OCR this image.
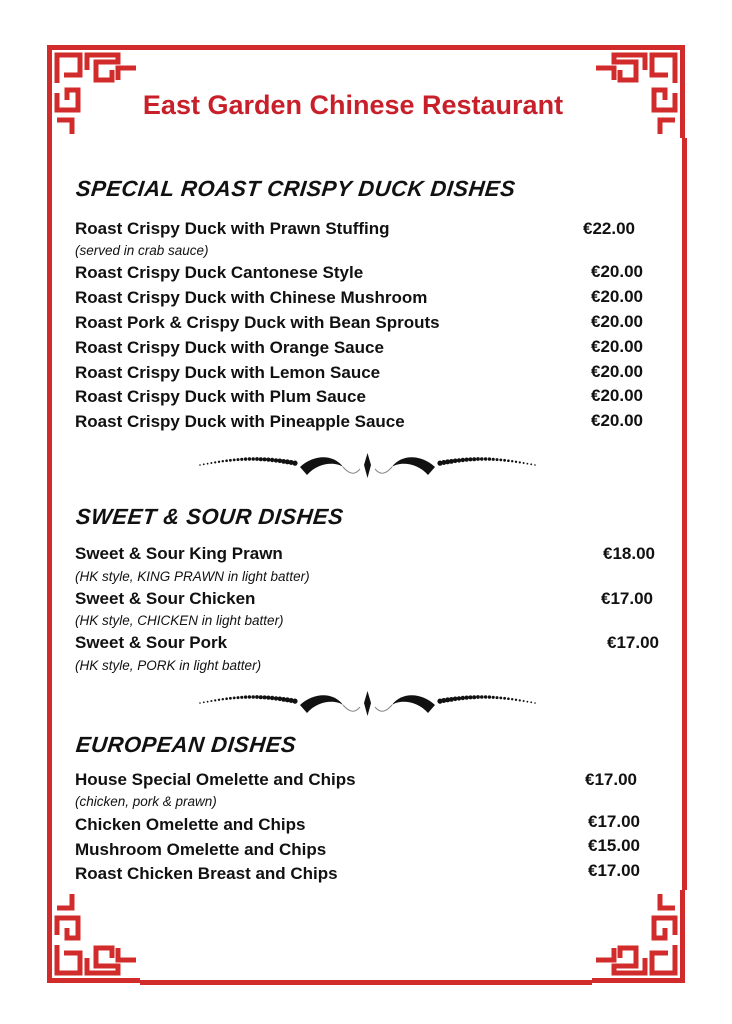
East Garden Chinese Restaurant
SPECIAL ROAST CRISPY DUCK DISHES
Roast Crispy Duck with Prawn Stuffing	€22.00
(served in crab sauce)
Roast Crispy Duck Cantonese Style	€20.00
Roast Crispy Duck with Chinese Mushroom	€20.00
Roast Pork & Crispy Duck with Bean Sprouts	€20.00
Roast Crispy Duck with Orange Sauce	€20.00
Roast Crispy Duck with Lemon Sauce	€20.00
Roast Crispy Duck with Plum Sauce	€20.00
Roast Crispy Duck with Pineapple Sauce	€20.00
SWEET & SOUR DISHES
Sweet & Sour King Prawn	€18.00
(HK style, KING PRAWN in light batter)
Sweet & Sour Chicken	€17.00
(HK style, CHICKEN in light batter)
Sweet & Sour Pork	€17.00
(HK style, PORK in light batter)
EUROPEAN DISHES
House Special Omelette and Chips	€17.00
(chicken, pork & prawn)
Chicken Omelette and Chips	€17.00
Mushroom Omelette and Chips	€15.00
Roast Chicken Breast and Chips	€17.00
